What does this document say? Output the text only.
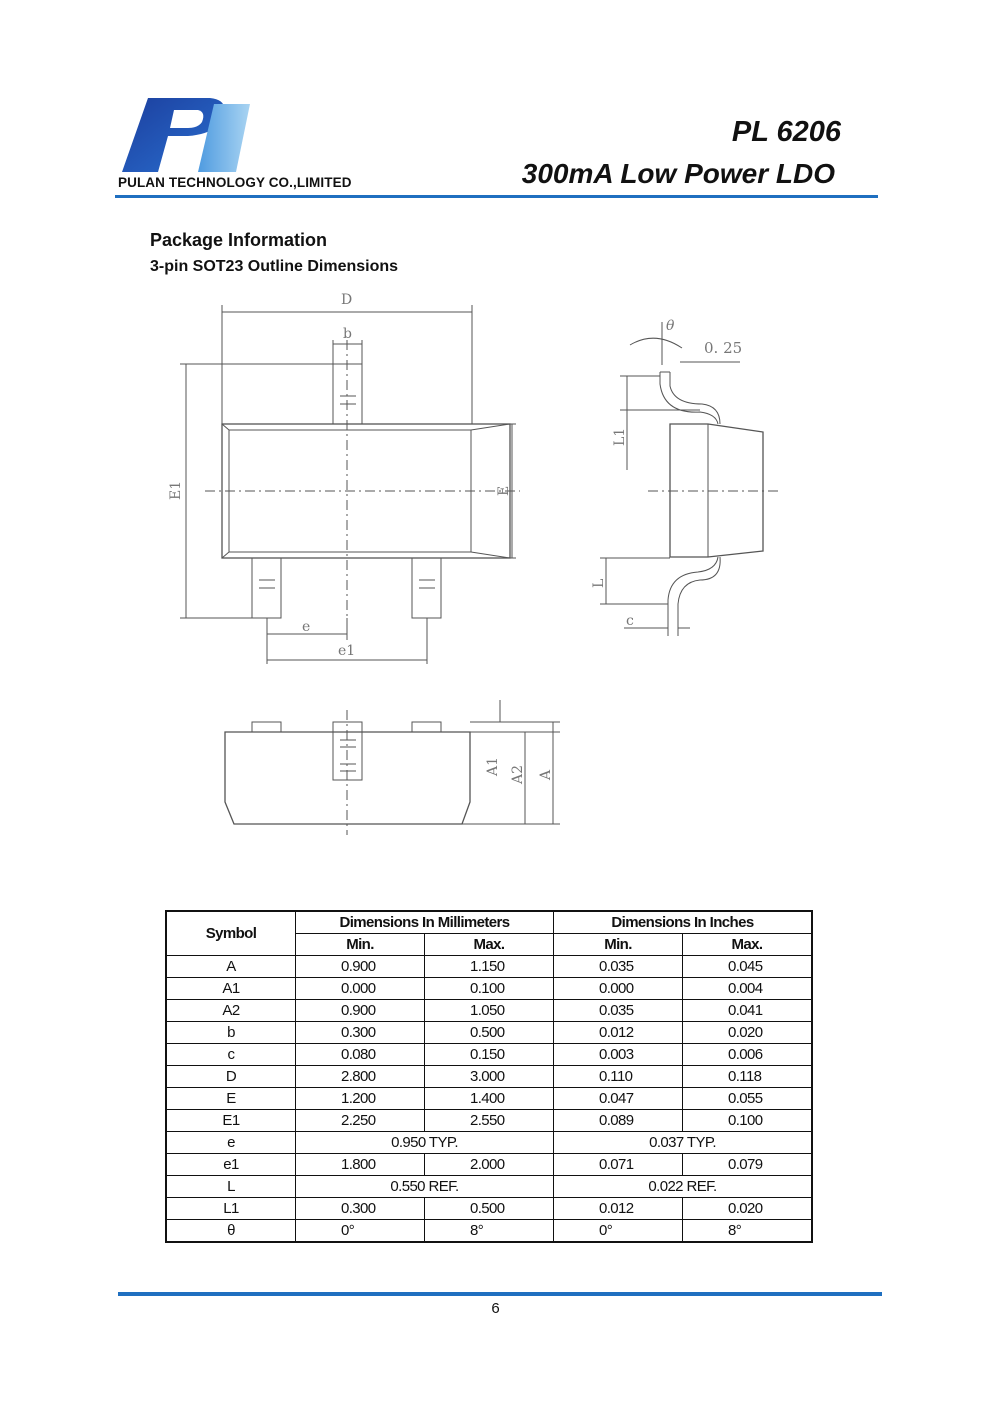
PULAN TECHNOLOGY CO.,LIMITED
PL 6206
300mA Low Power LDO
Package Information
3-pin SOT23 Outline Dimensions
D
b
E1	E
e
e1
θ
0. 25
L1
L
c
A1 A2 A
Symbol	Dimensions In Millimeters		Dimensions In Inches	
	Min.	Max.	Min.	Max.
A	0.900	1.150	0.035	0.045
A1	0.000	0.100	0.000	0.004
A2	0.900	1.050	0.035	0.041
b	0.300	0.500	0.012	0.020
c	0.080	0.150	0.003	0.006
D	2.800	3.000	0.110	0.118
E	1.200	1.400	0.047	0.055
E1	2.250	2.550	0.089	0.100
e	0.950 TYP.		0.037 TYP.	
e1	1.800	2.000	0.071	0.079
L	0.550 REF.		0.022 REF.	
L1	0.300	0.500	0.012	0.020
θ	0°	8°	0°	8°
6
